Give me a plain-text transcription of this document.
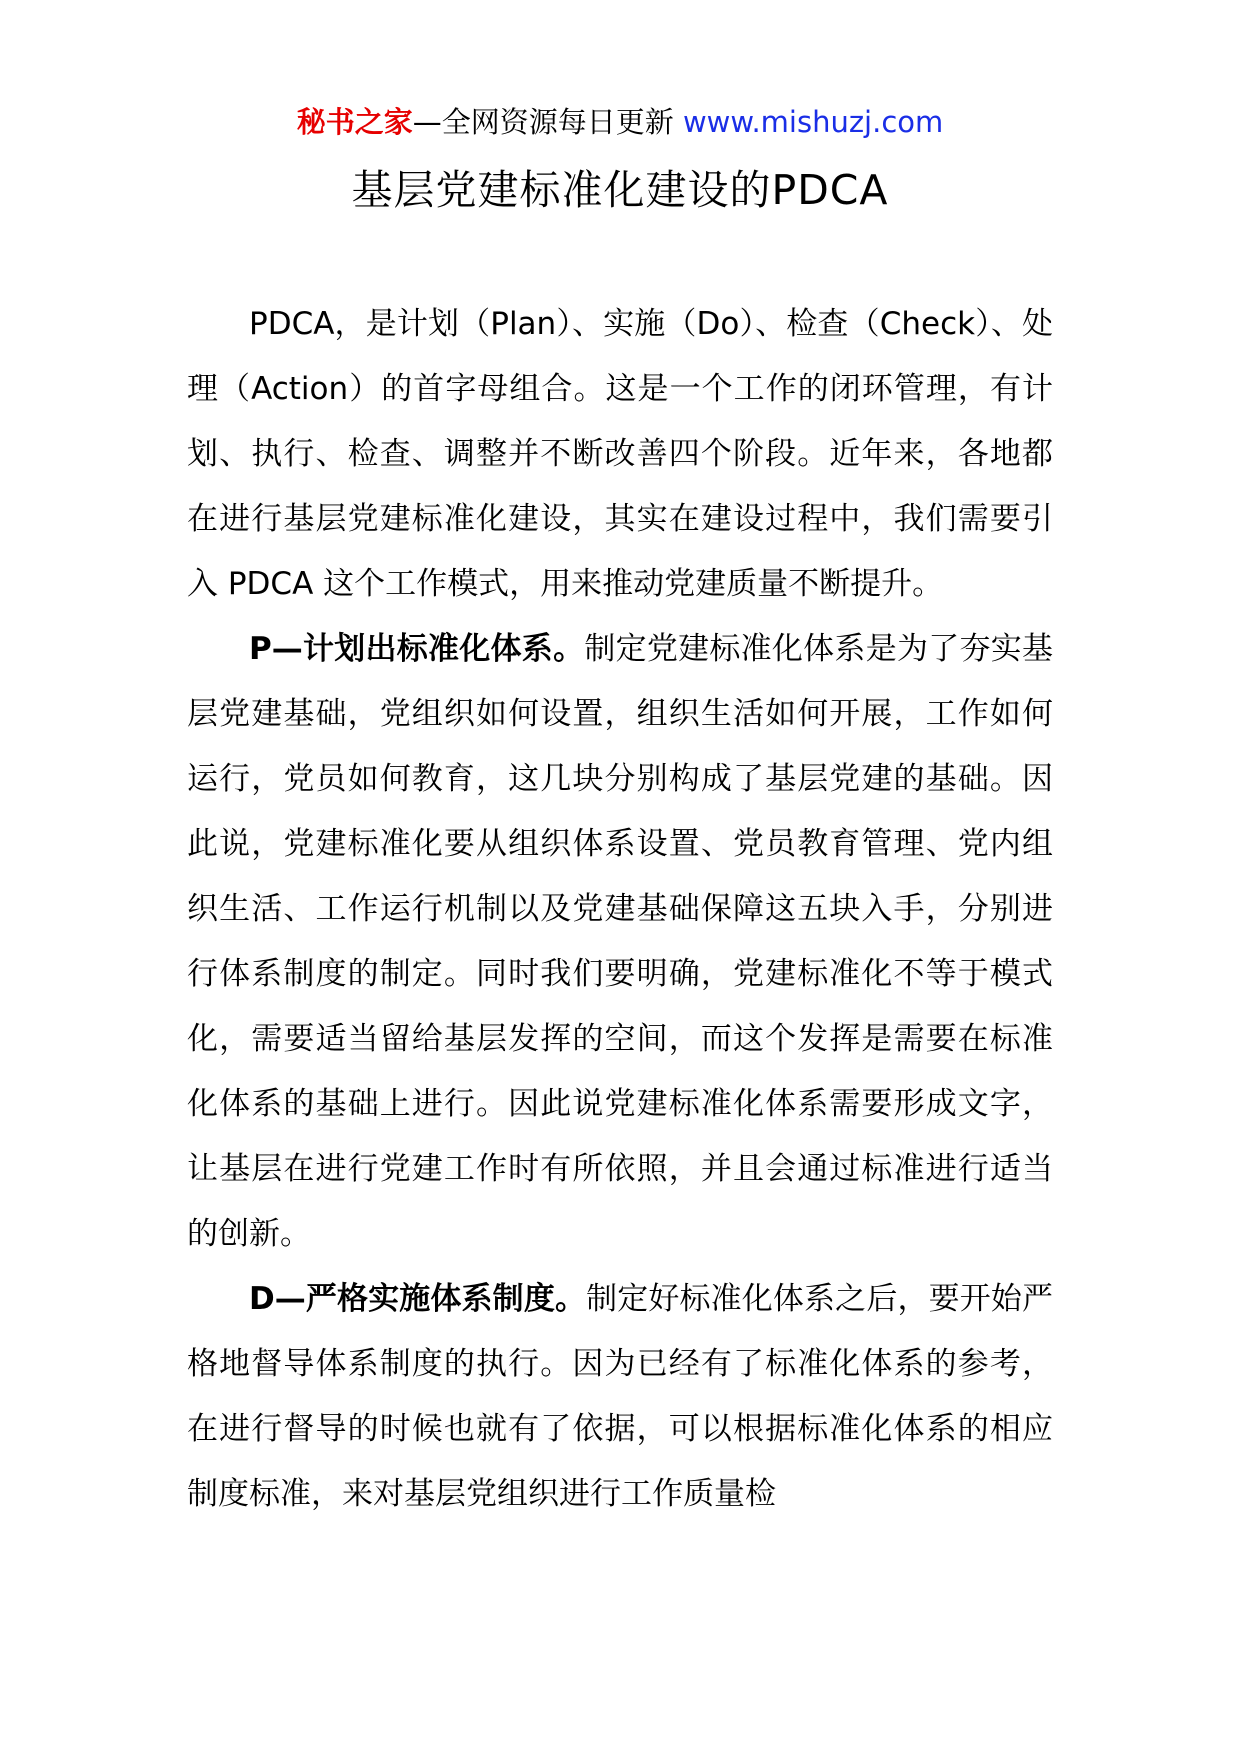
秘书之家—全网资源每日更新 www.mishuzj.com
基层党建标准化建设的PDCA

PDCA，是计划（Plan）、实施（Do）、检查（Check）、处理（Action）的首字母组合。这是一个工作的闭环管理，有计划、执行、检查、调整并不断改善四个阶段。近年来，各地都在进行基层党建标准化建设，其实在建设过程中，我们需要引入 PDCA 这个工作模式，用来推动党建质量不断提升。

P—计划出标准化体系。制定党建标准化体系是为了夯实基层党建基础，党组织如何设置，组织生活如何开展，工作如何运行，党员如何教育，这几块分别构成了基层党建的基础。因此说，党建标准化要从组织体系设置、党员教育管理、党内组织生活、工作运行机制以及党建基础保障这五块入手，分别进行体系制度的制定。同时我们要明确，党建标准化不等于模式化，需要适当留给基层发挥的空间，而这个发挥是需要在标准化体系的基础上进行。因此说党建标准化体系需要形成文字，让基层在进行党建工作时有所依照，并且会通过标准进行适当的创新。

D—严格实施体系制度。制定好标准化体系之后，要开始严格地督导体系制度的执行。因为已经有了标准化体系的参考，在进行督导的时候也就有了依据，可以根据标准化体系的相应制度标准，来对基层党组织进行工作质量检
